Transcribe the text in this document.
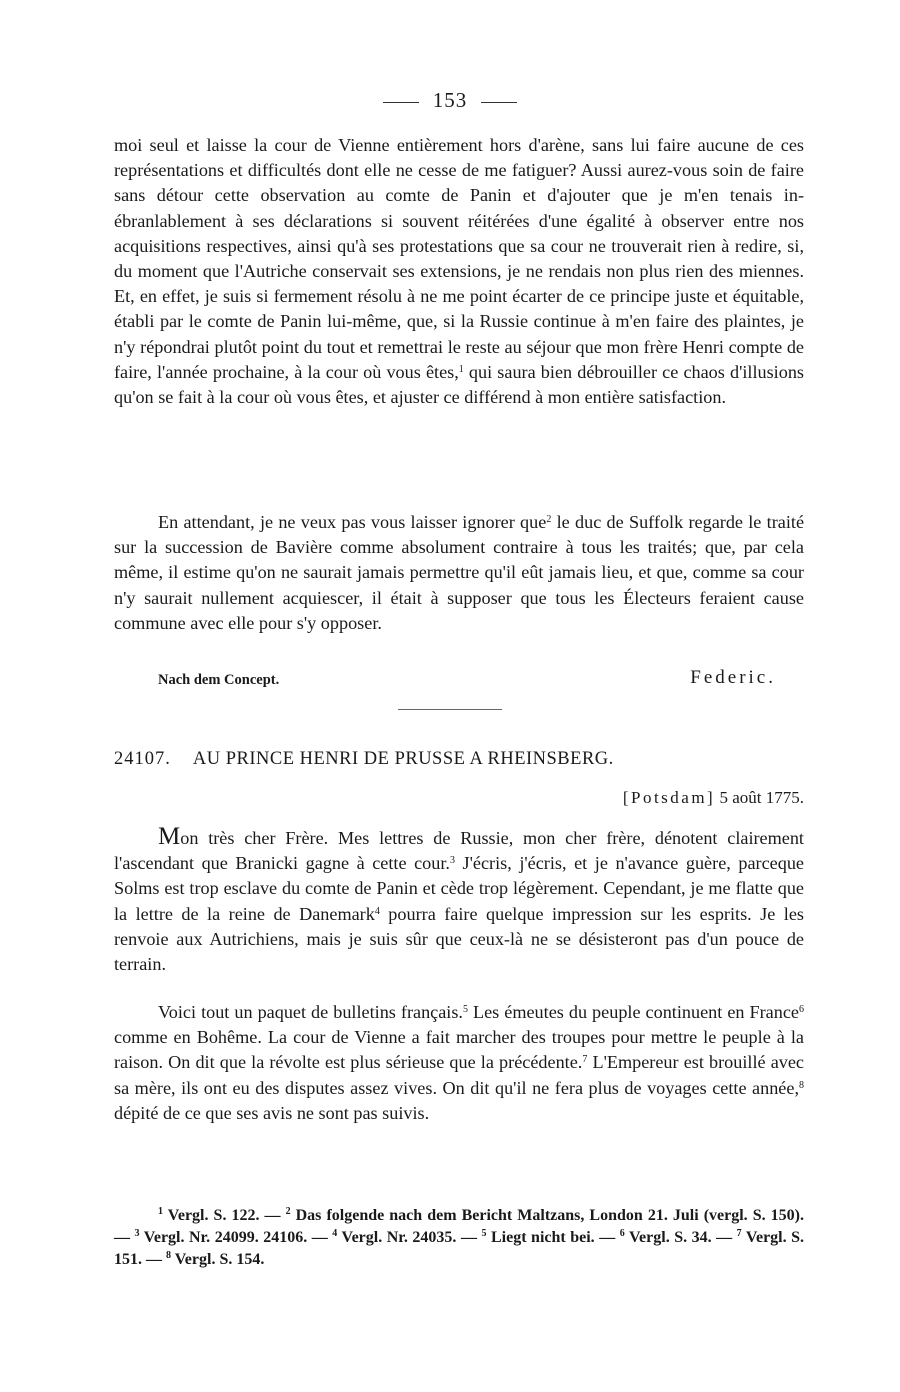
153

moi seul et laisse la cour de Vienne entièrement hors d'arène, sans lui faire aucune de ces représentations et difficultés dont elle ne cesse de me fatiguer? Aussi aurez-vous soin de faire sans détour cette observation au comte de Panin et d'ajouter que je m'en tenais inébranlablement à ses déclarations si souvent réitérées d'une égalité à observer entre nos acquisitions respectives, ainsi qu'à ses protestations que sa cour ne trouverait rien à redire, si, du moment que l'Autriche conservait ses extensions, je ne rendais non plus rien des miennes. Et, en effet, je suis si fermement résolu à ne me point écarter de ce principe juste et équitable, établi par le comte de Panin lui-même, que, si la Russie continue à m'en faire des plaintes, je n'y répondrai plutôt point du tout et remettrai le reste au séjour que mon frère Henri compte de faire, l'année prochaine, à la cour où vous êtes,$^1$ qui saura bien débrouiller ce chaos d'illusions qu'on se fait à la cour où vous êtes, et ajuster ce différend à mon entière satisfaction.

En attendant, je ne veux pas vous laisser ignorer que$^2$ le duc de Suffolk regarde le traité sur la succession de Bavière comme absolument contraire à tous les traités; que, par cela même, il estime qu'on ne saurait jamais permettre qu'il eût jamais lieu, et que, comme sa cour n'y saurait nullement acquiescer, il était à supposer que tous les Électeurs feraient cause commune avec elle pour s'y opposer.

Nach dem Concept.	Federic.
24107. AU PRINCE HENRI DE PRUSSE A RHEINSBERG.
[Potsdam] 5 août 1775.

Mon très cher Frère. Mes lettres de Russie, mon cher frère, dénotent clairement l'ascendant que Branicki gagne à cette cour.$^3$ J'écris, j'écris, et je n'avance guère, parceque Solms est trop esclave du comte de Panin et cède trop légèrement. Cependant, je me flatte que la lettre de la reine de Danemark$^4$ pourra faire quelque impression sur les esprits. Je les renvoie aux Autrichiens, mais je suis sûr que ceux-là ne se désisteront pas d'un pouce de terrain.

Voici tout un paquet de bulletins français.$^5$ Les émeutes du peuple continuent en France$^6$ comme en Bohême. La cour de Vienne a fait marcher des troupes pour mettre le peuple à la raison. On dit que la révolte est plus sérieuse que la précédente.$^7$ L'Empereur est brouillé avec sa mère, ils ont eu des disputes assez vives. On dit qu'il ne fera plus de voyages cette année,$^8$ dépité de ce que ses avis ne sont pas suivis.

$^1$ Vergl. S. 122. — $^2$ Das folgende nach dem Bericht Maltzans, London 21. Juli (vergl. S. 150). — $^3$ Vergl. Nr. 24099. 24106. — $^4$ Vergl. Nr. 24035. — $^5$ Liegt nicht bei. — $^6$ Vergl. S. 34. — $^7$ Vergl. S. 151. — $^8$ Vergl. S. 154.
